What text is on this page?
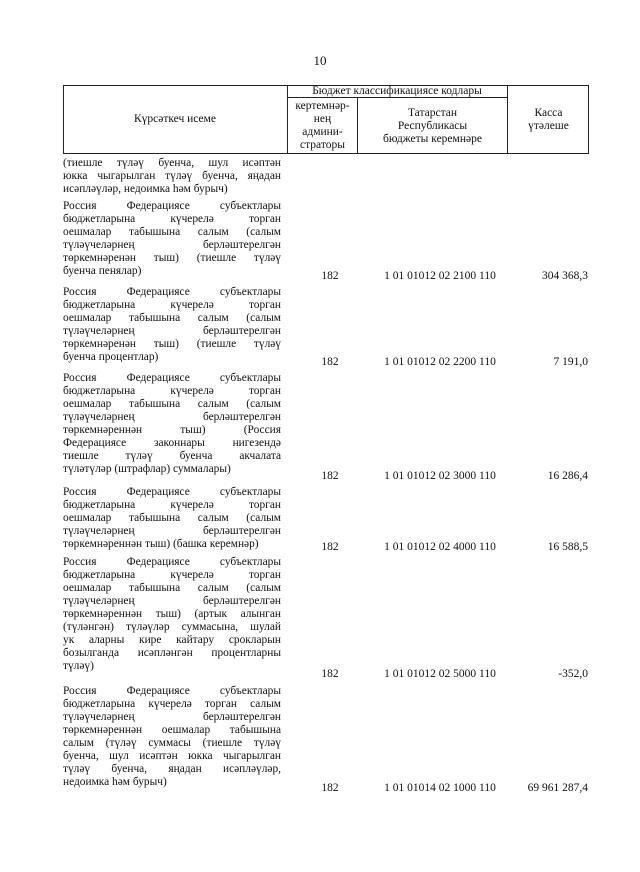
10
Күрсәткеч исеме
Бюджет классификациясе кодлары
кертемнәр-
нең
админи-
страторы
Татарстан
Республикасы
бюджеты керемнәре
Касса
үтәлеше
(тиешле түләү буенча, шул исәптән
юкка чыгарылган түләү буенча, яңадан
исәпләүләр, недоимка һәм бурыч)
Россия Федерациясе субъектлары
бюджетларына күчерелә торган
оешмалар табышына салым (салым
түләүчеләрнең берләштерелгән
төркемнәренән тыш) (тиешле түләү
буенча пенялар)	182	1 01 01012 02 2100 110	304 368,3
Россия Федерациясе субъектлары
бюджетларына күчерелә торган
оешмалар табышына салым (салым
түләүчеләрнең берләштерелгән
төркемнәренән тыш) (тиешле түләү
буенча процентлар)	182	1 01 01012 02 2200 110	7 191,0
Россия Федерациясе субъектлары
бюджетларына күчерелә торган
оешмалар табышына салым (салым
түләүчеләрнең берләштерелгән
төркемнәреннән тыш) (Россия
Федерациясе законнары нигезендә
тиешле түләү буенча акчалата
түләтүләр (штрафлар) суммалары)
182	1 01 01012 02 3000 110	16 286,4
Россия Федерациясе субъектлары
бюджетларына күчерелә торган
оешмалар табышына салым (салым
түләүчеләрнең берләштерелгән
төркемнәреннән тыш) (башка керемнәр)	182	1 01 01012 02 4000 110	16 588,5
Россия Федерациясе субъектлары
бюджетларына күчерелә торган
оешмалар табышына салым (салым
түләүчеләрнең берләштерелгән
төркемнәреннән тыш) (артык алынган
(түләнгән) түләүләр суммасына, шулай
ук аларны кире кайтару срокларын
бозылганда исәпләнгән процентларны
түләү)
182	1 01 01012 02 5000 110	-352,0
Россия Федерациясе субъектлары
бюджетларына күчерелә торган салым
түләүчеләрнең берләштерелгән
төркемнәреннән оешмалар табышына
салым (түләү суммасы (тиешле түләү
буенча, шул исәптән юкка чыгарылган
түләү буенча, яңадан исәпләүләр,
недоимка һәм бурыч)	182	1 01 01014 02 1000 110	69 961 287,4
